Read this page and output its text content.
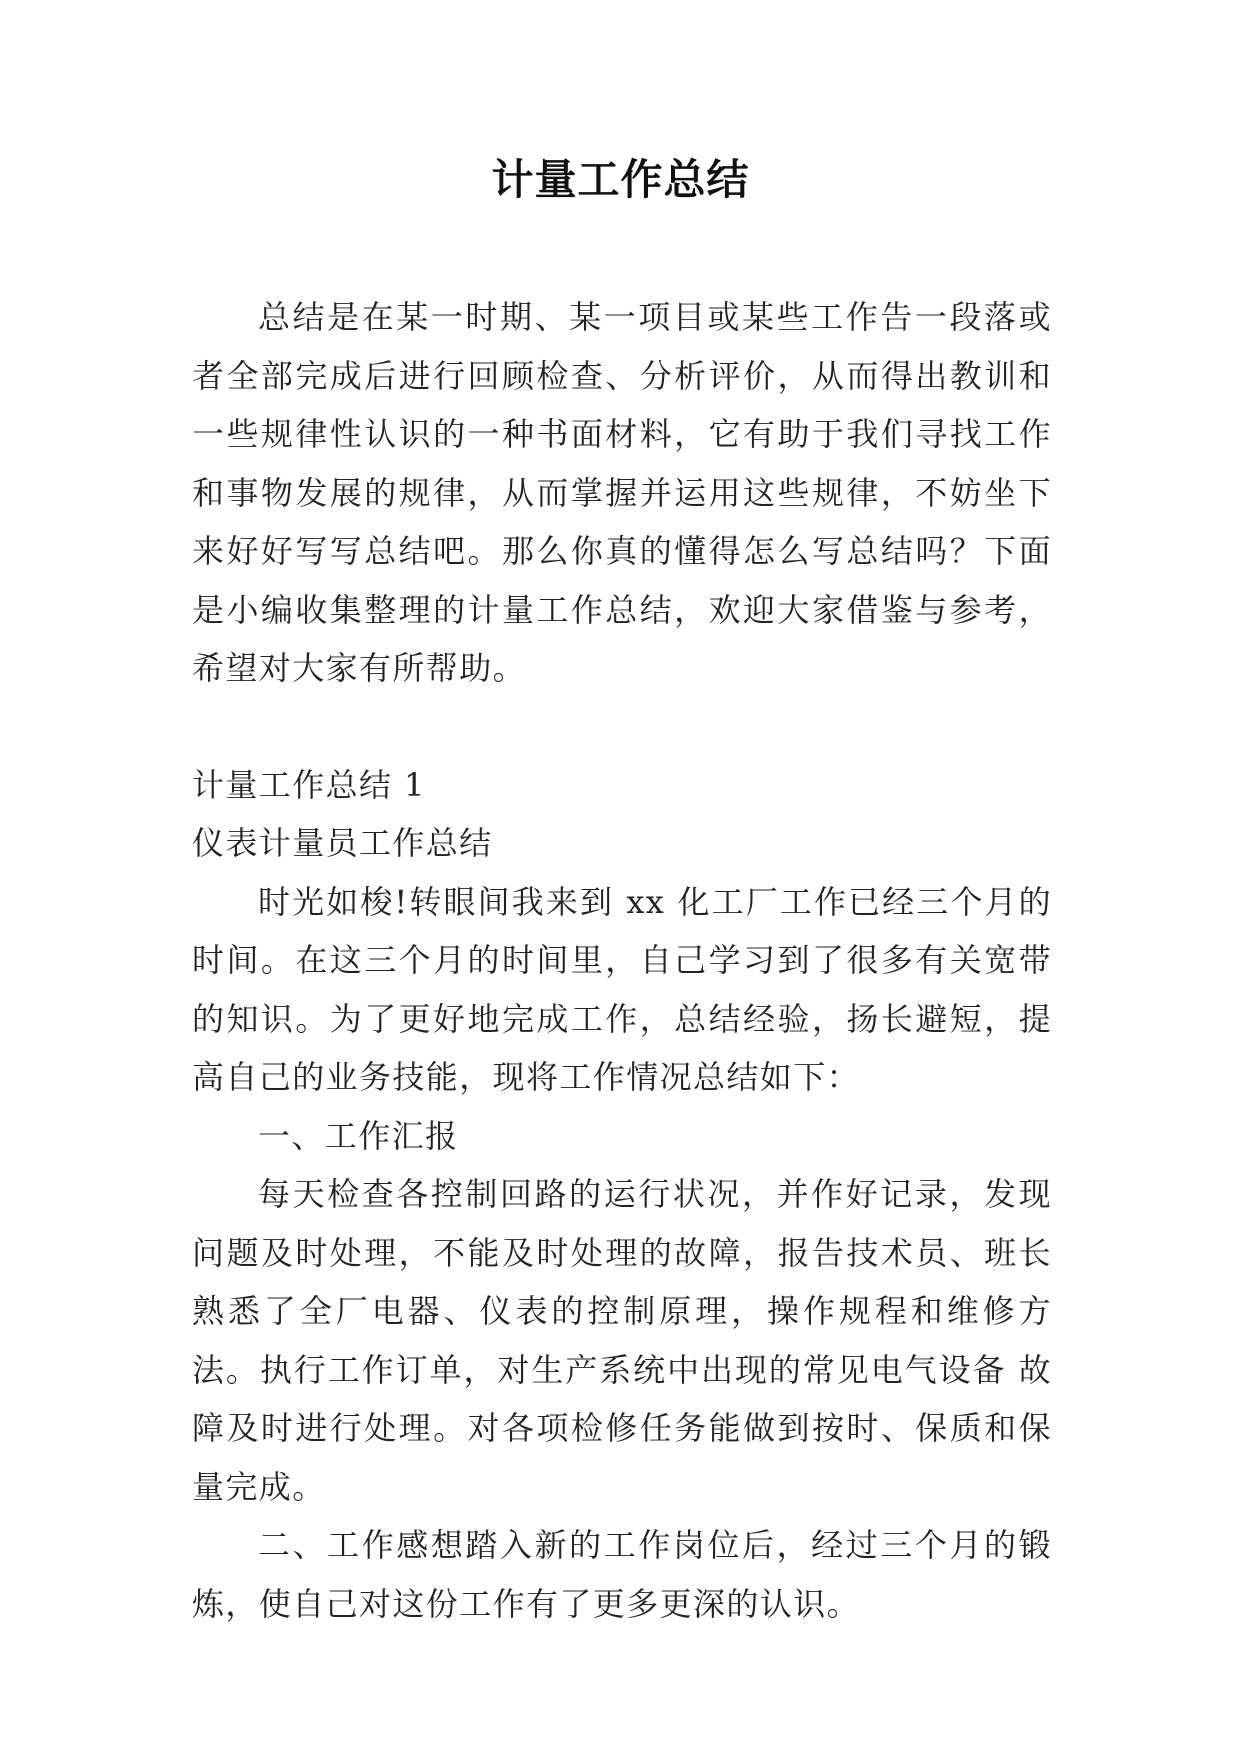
计量工作总结

总结是在某一时期、某一项目或某些工作告一段落或者全部完成后进行回顾检查、分析评价，从而得出教训和一些规律性认识的一种书面材料，它有助于我们寻找工作和事物发展的规律，从而掌握并运用这些规律，不妨坐下来好好写写总结吧。那么你真的懂得怎么写总结吗？下面是小编收集整理的计量工作总结，欢迎大家借鉴与参考，希望对大家有所帮助。

计量工作总结 1

仪表计量员工作总结

时光如梭!转眼间我来到 xx 化工厂工作已经三个月的时间。在这三个月的时间里，自己学习到了很多有关宽带的知识。为了更好地完成工作，总结经验，扬长避短，提高自己的业务技能，现将工作情况总结如下：

一、工作汇报

每天检查各控制回路的运行状况，并作好记录，发现问题及时处理，不能及时处理的故障，报告技术员、班长熟悉了全厂电器、仪表的控制原理，操作规程和维修方法。执行工作订单，对生产系统中出现的常见电气设备 故障及时进行处理。对各项检修任务能做到按时、保质和保量完成。

二、工作感想踏入新的工作岗位后，经过三个月的锻炼，使自己对这份工作有了更多更深的认识。
